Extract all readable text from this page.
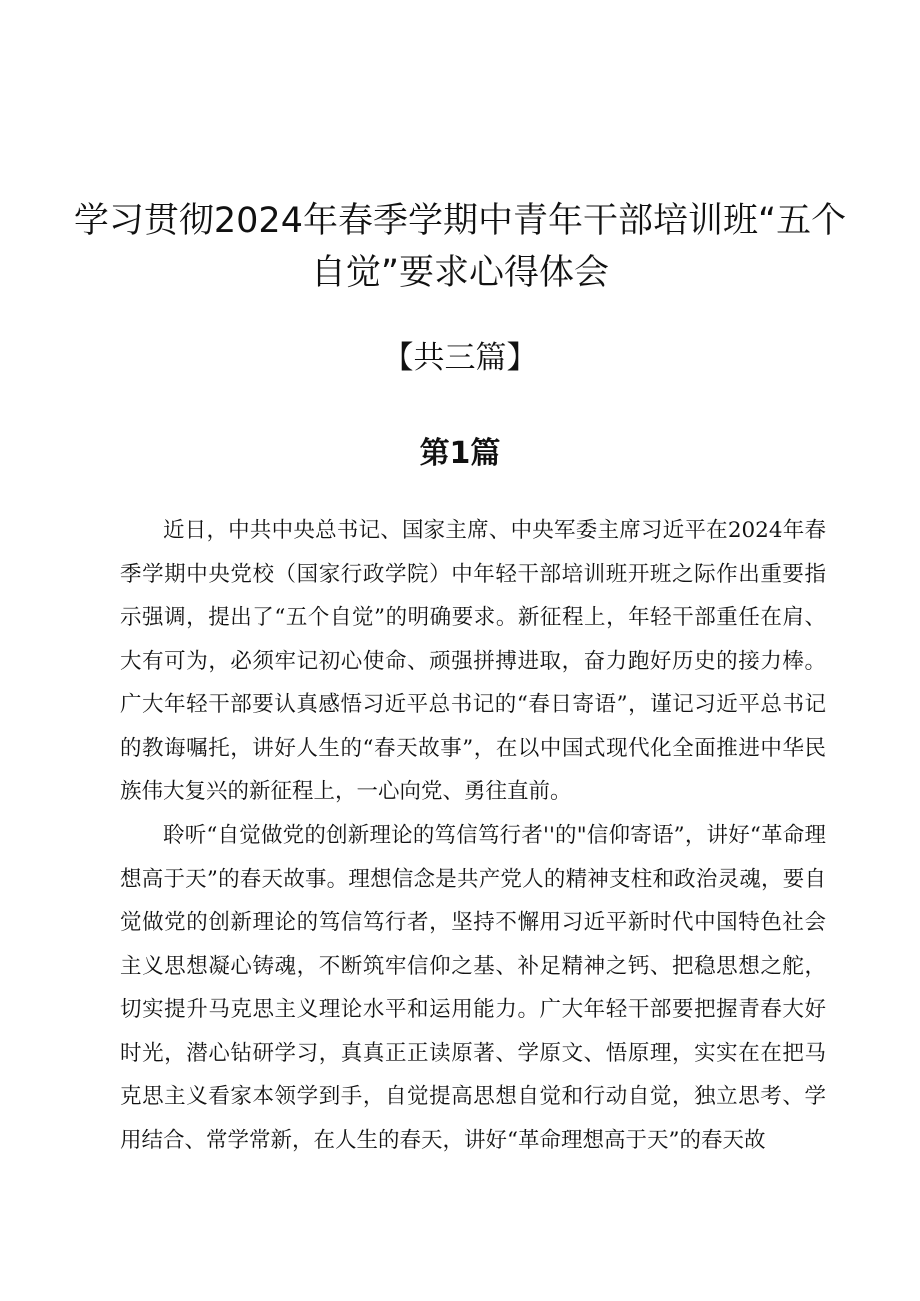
学习贯彻2024年春季学期中青年干部培训班“五个自觉”要求心得体会
【共三篇】
第1篇

近日，中共中央总书记、国家主席、中央军委主席习近平在2024年春季学期中央党校（国家行政学院）中年轻干部培训班开班之际作出重要指示强调，提出了“五个自觉”的明确要求。新征程上，年轻干部重任在肩、大有可为，必须牢记初心使命、顽强拼搏进取，奋力跑好历史的接力棒。广大年轻干部要认真感悟习近平总书记的“春日寄语”，谨记习近平总书记的教诲嘱托，讲好人生的“春天故事”，在以中国式现代化全面推进中华民族伟大复兴的新征程上，一心向党、勇往直前。

聆听“自觉做党的创新理论的笃信笃行者''的"信仰寄语”，讲好“革命理想高于天”的春天故事。理想信念是共产党人的精神支柱和政治灵魂，要自觉做党的创新理论的笃信笃行者，坚持不懈用习近平新时代中国特色社会主义思想凝心铸魂，不断筑牢信仰之基、补足精神之钙、把稳思想之舵，切实提升马克思主义理论水平和运用能力。广大年轻干部要把握青春大好时光，潜心钻研学习，真真正正读原著、学原文、悟原理，实实在在把马克思主义看家本领学到手，自觉提高思想自觉和行动自觉，独立思考、学用结合、常学常新，在人生的春天，讲好“革命理想高于天”的春天故
